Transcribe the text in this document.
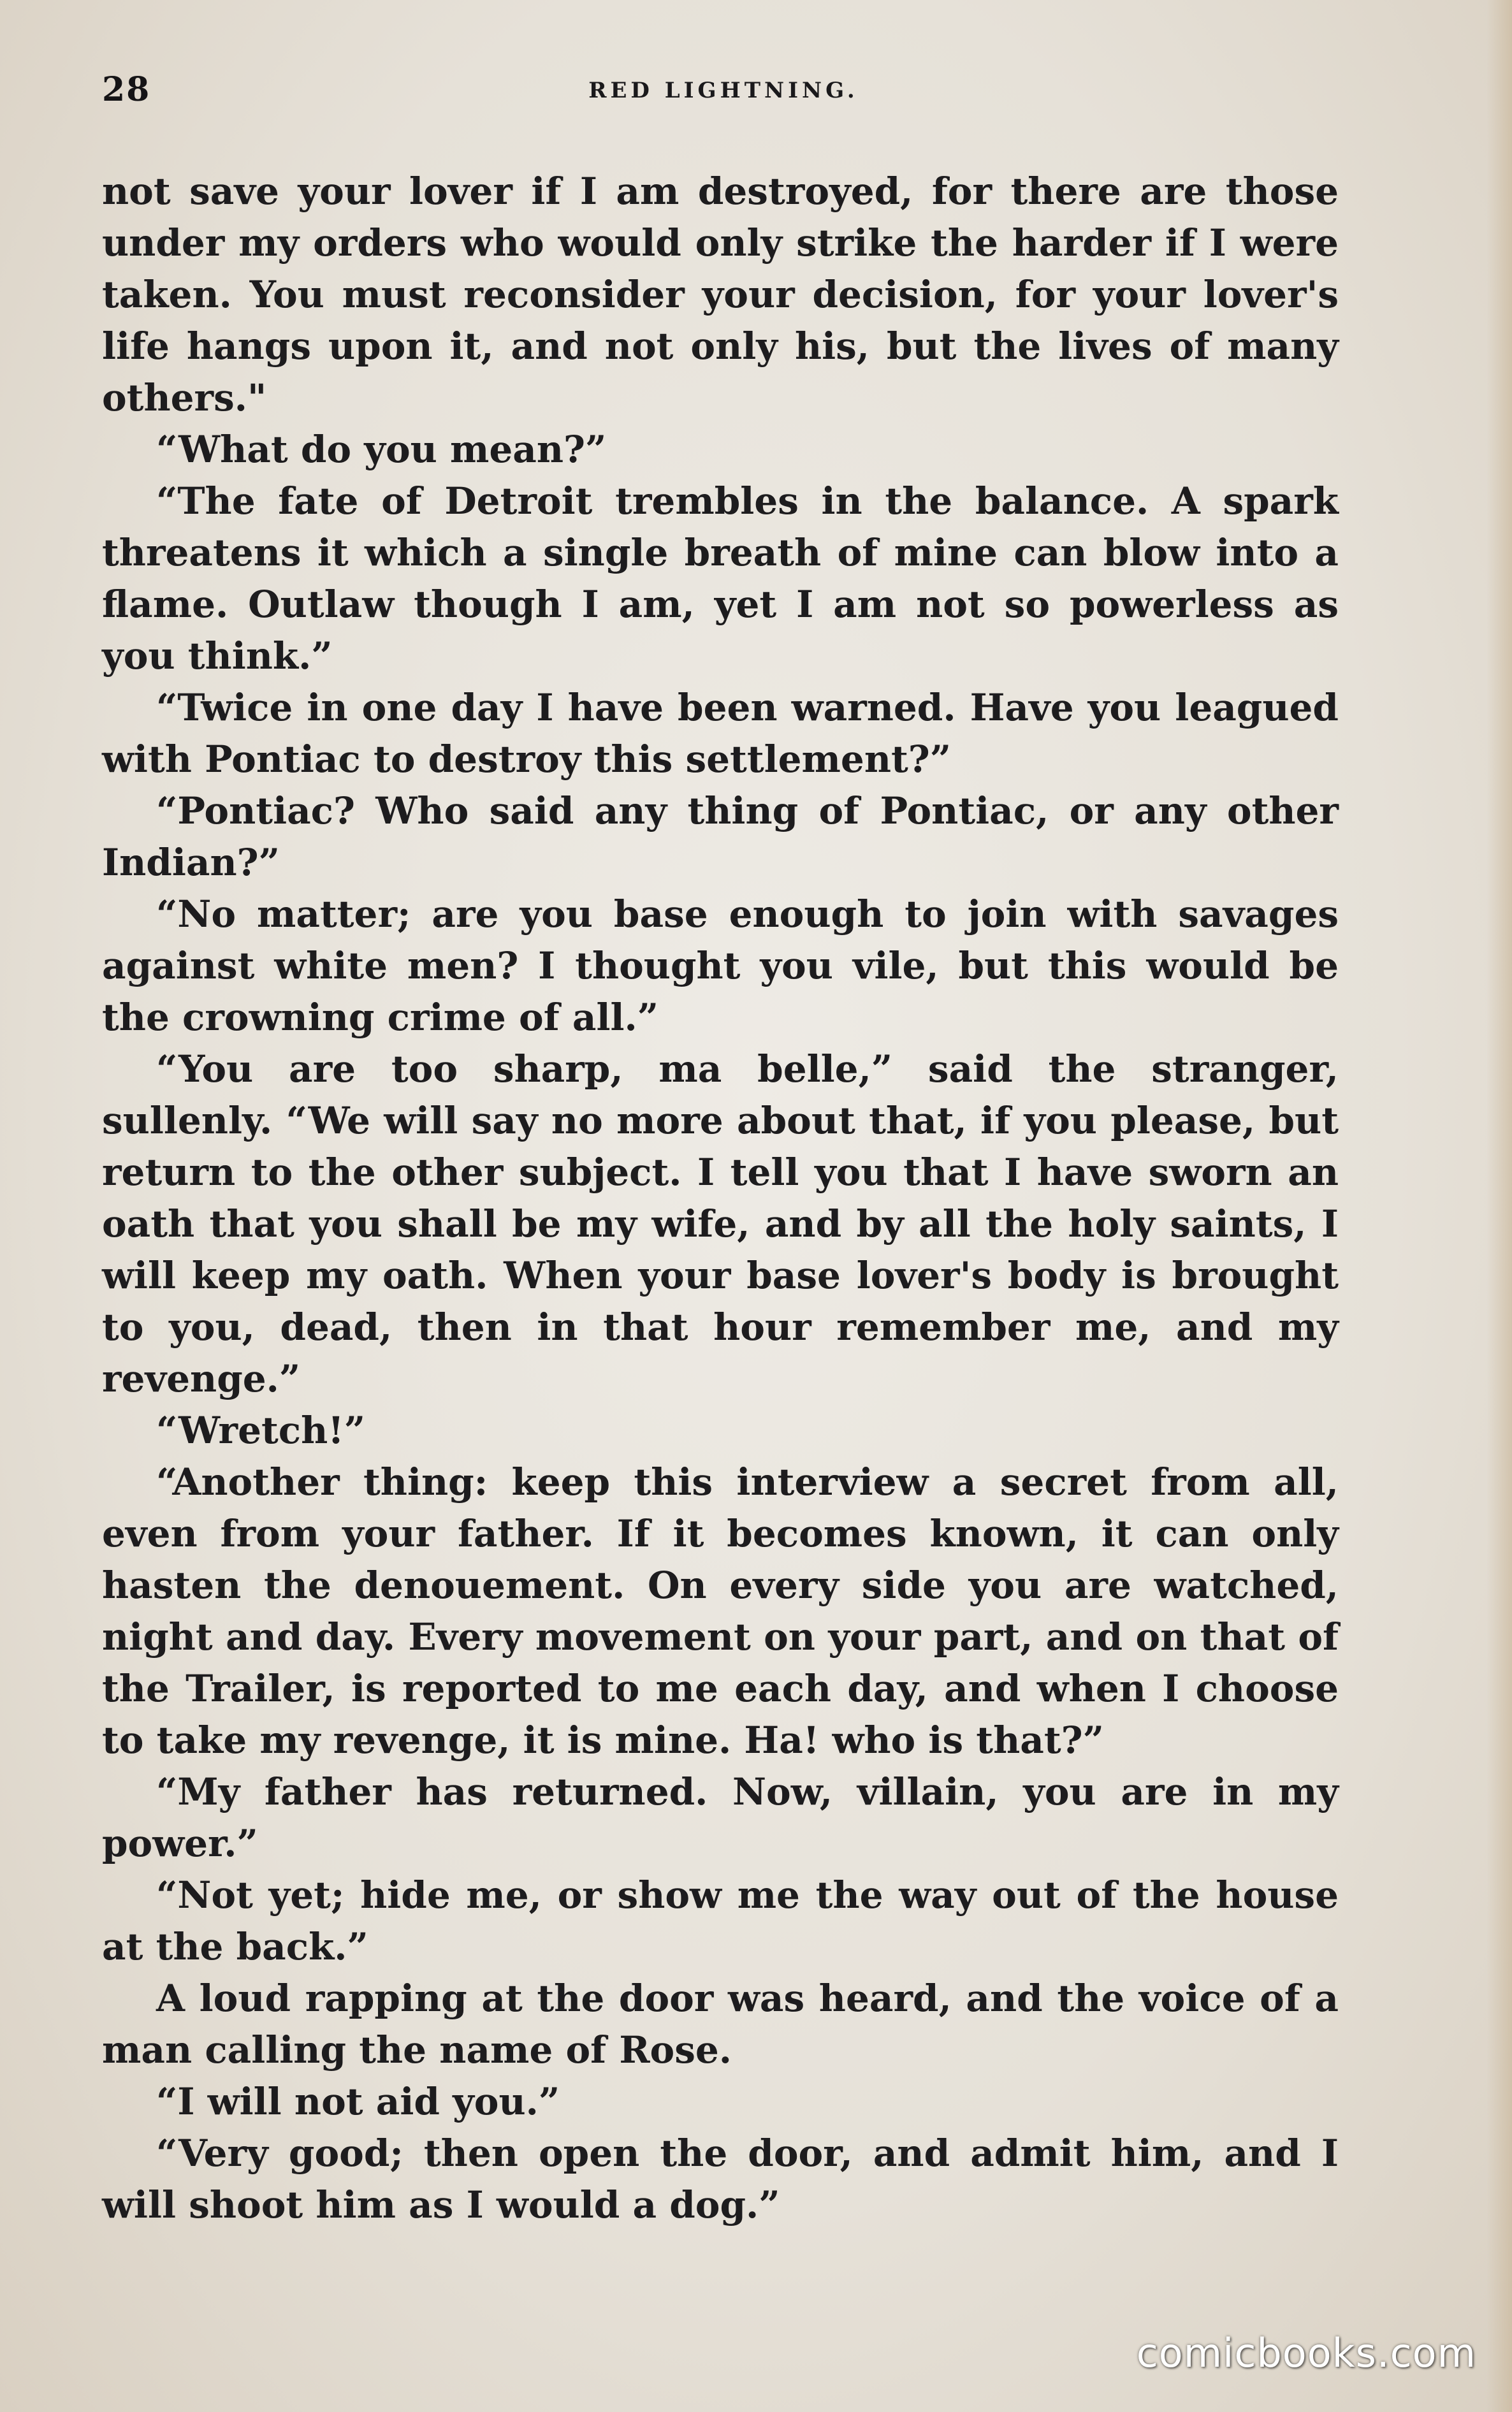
28	RED LIGHTNING.

not save your lover if I am destroyed, for there are those under my orders who would only strike the harder if I were taken. You must reconsider your decision, for your lover's life hangs upon it, and not only his, but the lives of many others."

“What do you mean?”

“The fate of Detroit trembles in the balance. A spark threatens it which a single breath of mine can blow into a flame. Outlaw though I am, yet I am not so powerless as you think.”

“Twice in one day I have been warned. Have you leagued with Pontiac to destroy this settlement?”

“Pontiac? Who said any thing of Pontiac, or any other Indian?”

“No matter; are you base enough to join with savages against white men? I thought you vile, but this would be the crowning crime of all.”

“You are too sharp, ma belle,” said the stranger, sullenly. “We will say no more about that, if you please, but return to the other subject. I tell you that I have sworn an oath that you shall be my wife, and by all the holy saints, I will keep my oath. When your base lover's body is brought to you, dead, then in that hour remember me, and my revenge.”

“Wretch!”

“Another thing: keep this interview a secret from all, even from your father. If it becomes known, it can only hasten the denouement. On every side you are watched, night and day. Every movement on your part, and on that of the Trailer, is reported to me each day, and when I choose to take my revenge, it is mine. Ha! who is that?”

“My father has returned. Now, villain, you are in my power.”

“Not yet; hide me, or show me the way out of the house at the back.”

A loud rapping at the door was heard, and the voice of a man calling the name of Rose.

“I will not aid you.”

“Very good; then open the door, and admit him, and I will shoot him as I would a dog.”

comicbooks.com
